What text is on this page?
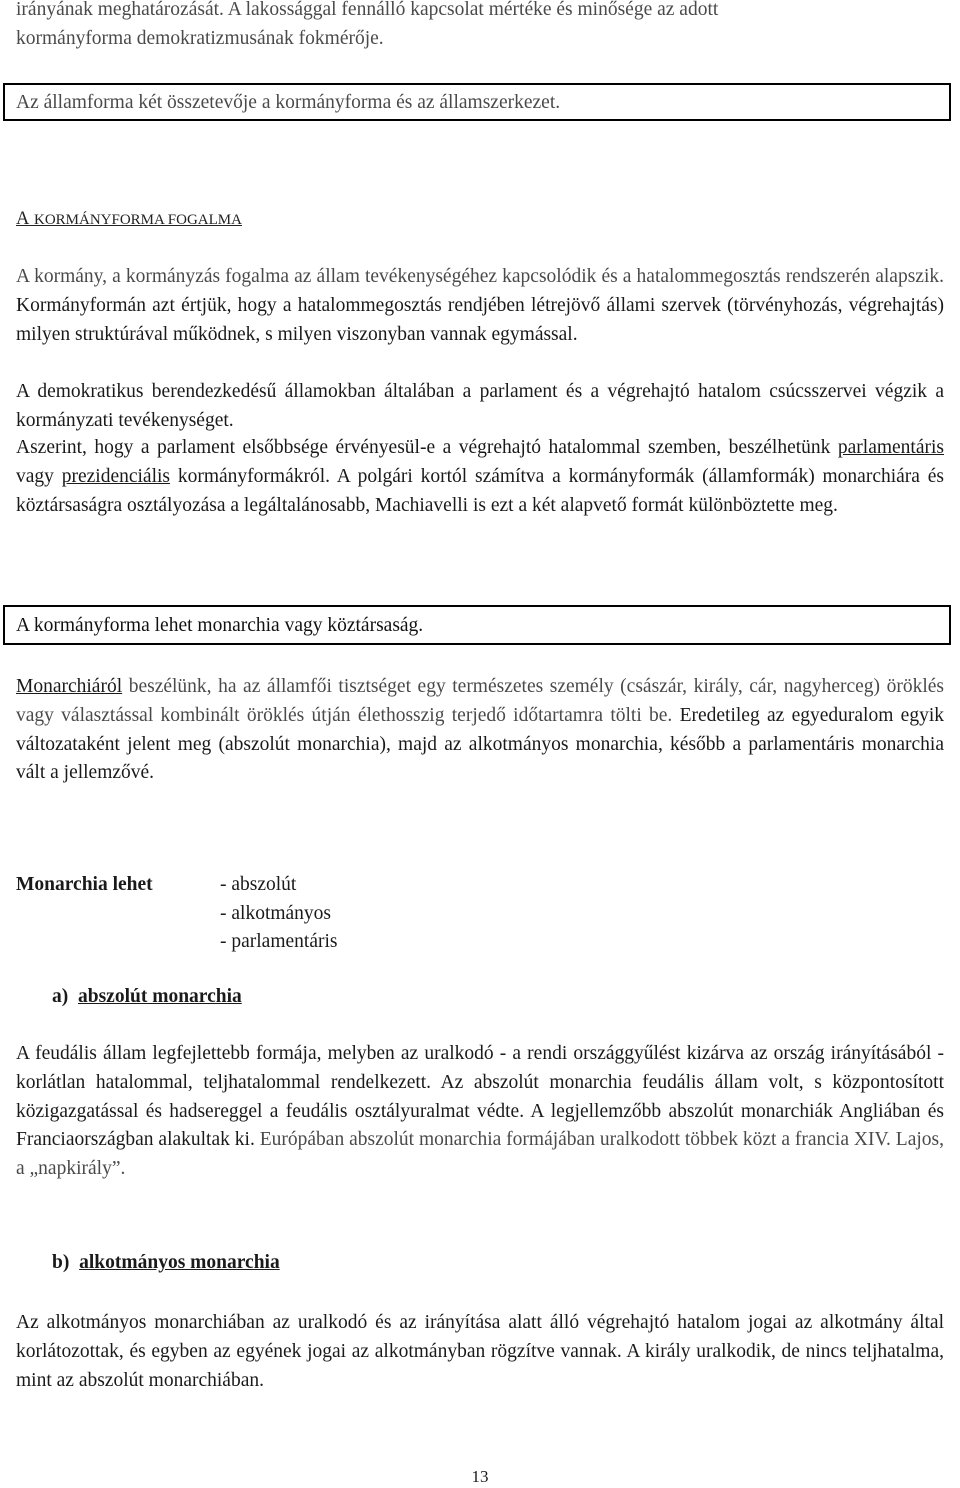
irányának meghatározását. A lakossággal fennálló kapcsolat mértéke és minősége az adott
kormányforma demokratizmusának fokmérője.

Az államforma két összetevője a kormányforma és az államszerkezet.
A KORMÁNYFORMA FOGALMA

A kormány, a kormányzás fogalma az állam tevékenységéhez kapcsolódik és a hatalommegosztás rendszerén alapszik. Kormányformán azt értjük, hogy a hatalommegosztás rendjében létrejövő állami szervek (törvényhozás, végrehajtás) milyen struktúrával működnek, s milyen viszonyban vannak egymással.

A demokratikus berendezkedésű államokban általában a parlament és a végrehajtó hatalom csúcsszervei végzik a kormányzati tevékenységet.

Aszerint, hogy a parlament elsőbbsége érvényesül-e a végrehajtó hatalommal szemben, beszélhetünk parlamentáris vagy prezidenciális kormányformákról. A polgári kortól számítva a kormányformák (államformák) monarchiára és köztársaságra osztályozása a legáltalánosabb, Machiavelli is ezt a két alapvető formát különböztette meg.

A kormányforma lehet monarchia vagy köztársaság.

Monarchiáról beszélünk, ha az államfői tisztséget egy természetes személy (császár, király, cár, nagyherceg) öröklés vagy választással kombinált öröklés útján élethosszig terjedő időtartamra tölti be. Eredetileg az egyeduralom egyik változataként jelent meg (abszolút monarchia), majd az alkotmányos monarchia, később a parlamentáris monarchia vált a jellemzővé.

Monarchia lehet	- abszolút
- alkotmányos
- parlamentáris
a) abszolút monarchia

A feudális állam legfejlettebb formája, melyben az uralkodó - a rendi országgyűlést kizárva az ország irányításából - korlátlan hatalommal, teljhatalommal rendelkezett. Az abszolút monarchia feudális állam volt, s központosított közigazgatással és hadsereggel a feudális osztályuralmat védte. A legjellemzőbb abszolút monarchiák Angliában és Franciaországban alakultak ki. Európában abszolút monarchia formájában uralkodott többek közt a francia XIV. Lajos, a „napkirály”.

b) alkotmányos monarchia

Az alkotmányos monarchiában az uralkodó és az irányítása alatt álló végrehajtó hatalom jogai az alkotmány által korlátozottak, és egyben az egyének jogai az alkotmányban rögzítve vannak. A király uralkodik, de nincs teljhatalma, mint az abszolút monarchiában.

13
